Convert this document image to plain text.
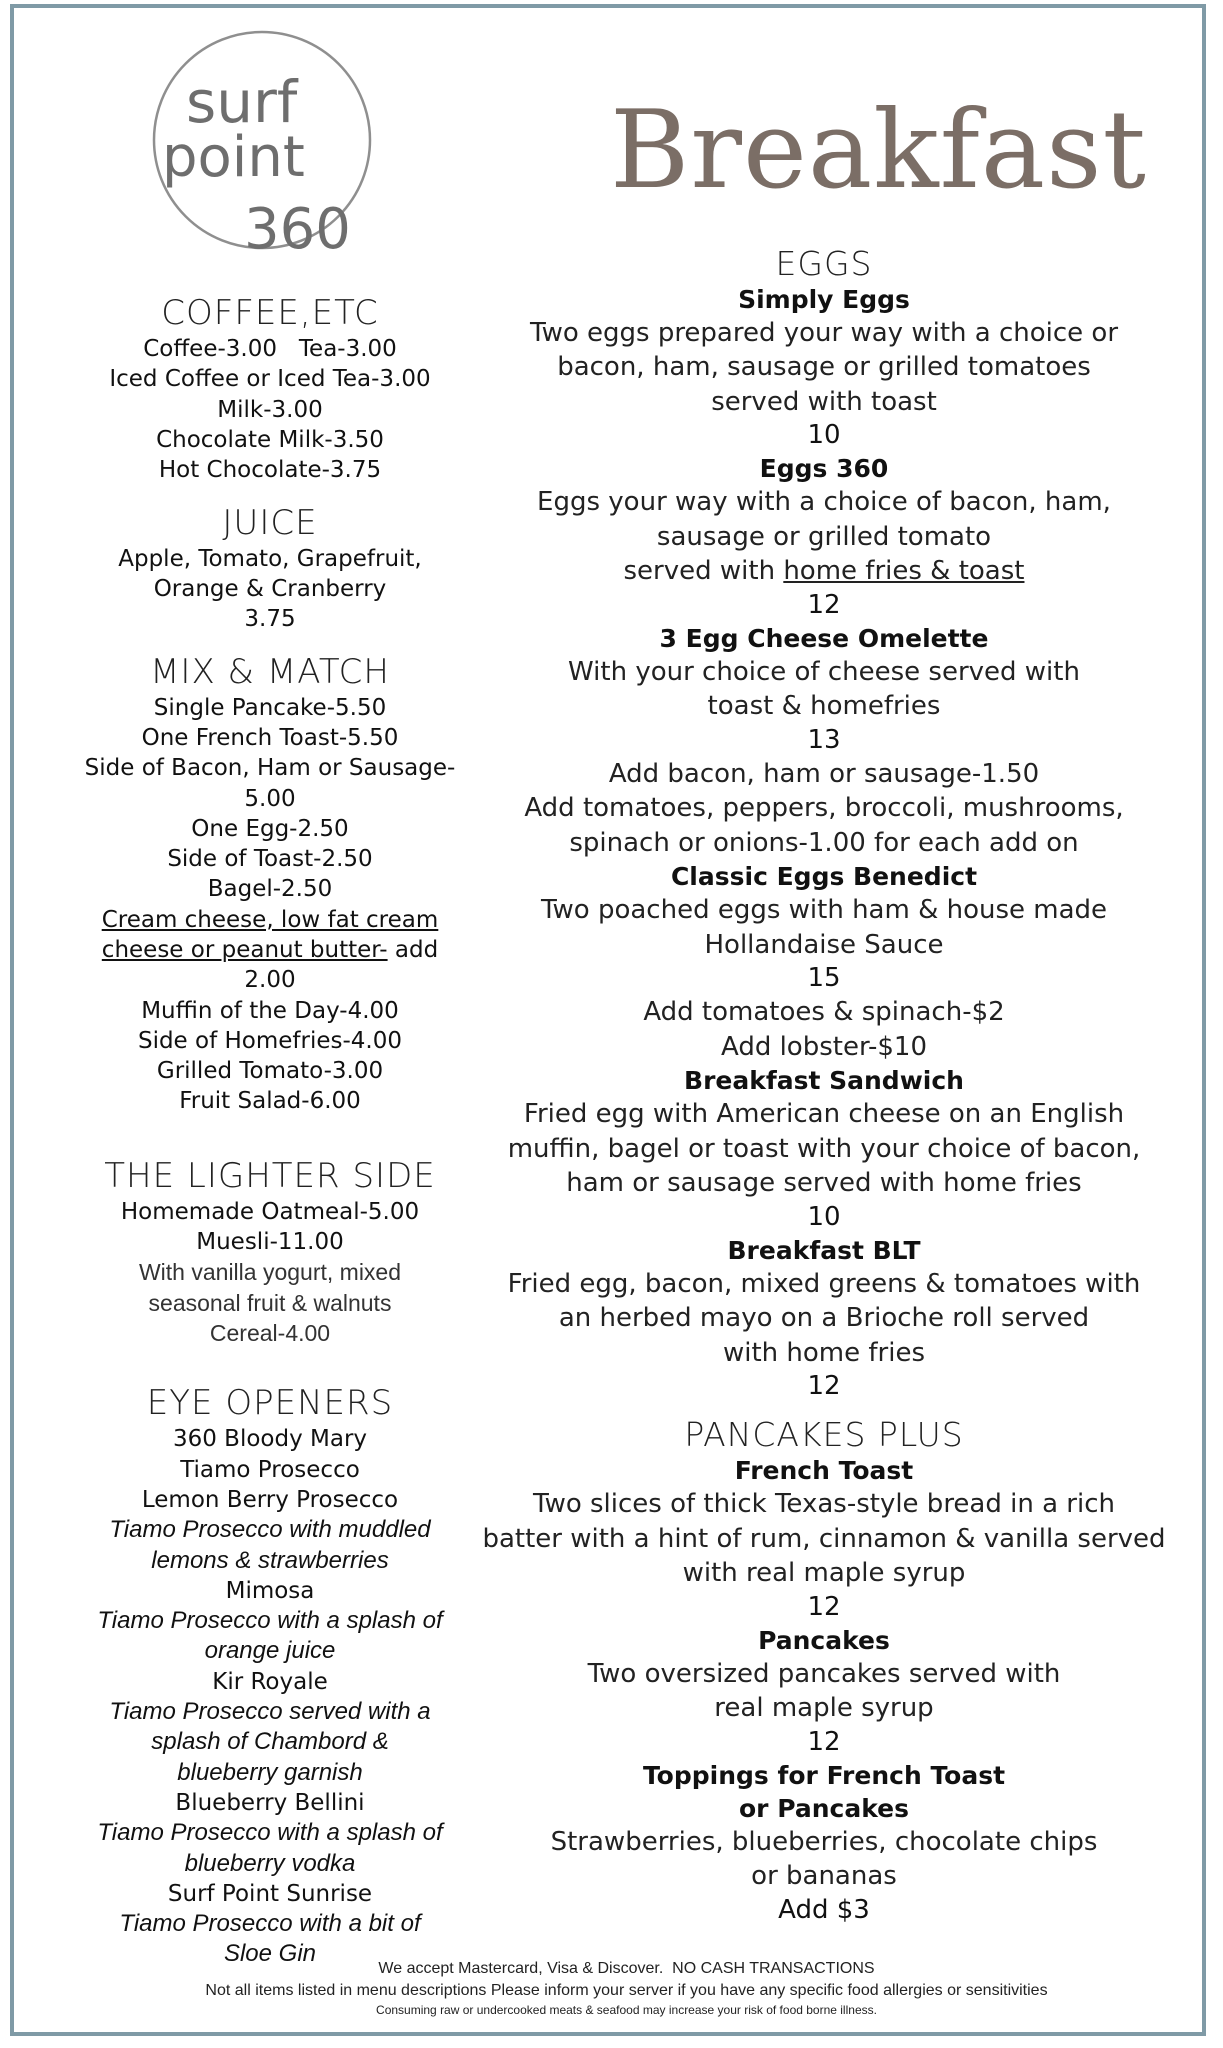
surf
point
360
Breakfast
COFFEE,ETC
Coffee-3.00   Tea-3.00
Iced Coffee or Iced Tea-3.00
Milk-3.00
Chocolate Milk-3.50
Hot Chocolate-3.75
JUICE
Apple, Tomato, Grapefruit,
Orange & Cranberry
3.75
MIX & MATCH
Single Pancake-5.50
One French Toast-5.50
Side of Bacon, Ham or Sausage-
5.00
One Egg-2.50
Side of Toast-2.50
Bagel-2.50
Cream cheese, low fat cream
cheese or peanut butter- add
2.00
Muffin of the Day-4.00
Side of Homefries-4.00
Grilled Tomato-3.00
Fruit Salad-6.00
THE LIGHTER SIDE
Homemade Oatmeal-5.00
Muesli-11.00
With vanilla yogurt, mixed
seasonal fruit & walnuts
Cereal-4.00
EYE OPENERS
360 Bloody Mary
Tiamo Prosecco
Lemon Berry Prosecco
Tiamo Prosecco with muddled
lemons & strawberries
Mimosa
Tiamo Prosecco with a splash of
orange juice
Kir Royale
Tiamo Prosecco served with a
splash of Chambord &
blueberry garnish
Blueberry Bellini
Tiamo Prosecco with a splash of
blueberry vodka
Surf Point Sunrise
Tiamo Prosecco with a bit of
Sloe Gin
EGGS
Simply Eggs
Two eggs prepared your way with a choice or
bacon, ham, sausage or grilled tomatoes
served with toast
10
Eggs 360
Eggs your way with a choice of bacon, ham,
sausage or grilled tomato
served with home fries & toast
12
3 Egg Cheese Omelette
With your choice of cheese served with
toast & homefries
13
Add bacon, ham or sausage-1.50
Add tomatoes, peppers, broccoli, mushrooms,
spinach or onions-1.00 for each add on
Classic Eggs Benedict
Two poached eggs with ham & house made
Hollandaise Sauce
15
Add tomatoes & spinach-$2
Add lobster-$10
Breakfast Sandwich
Fried egg with American cheese on an English
muffin, bagel or toast with your choice of bacon,
ham or sausage served with home fries
10
Breakfast BLT
Fried egg, bacon, mixed greens & tomatoes with
an herbed mayo on a Brioche roll served
with home fries
12
PANCAKES PLUS
French Toast
Two slices of thick Texas-style bread in a rich
batter with a hint of rum, cinnamon & vanilla served
with real maple syrup
12
Pancakes
Two oversized pancakes served with
real maple syrup
12
Toppings for French Toast
or Pancakes
Strawberries, blueberries, chocolate chips
or bananas
Add $3
We accept Mastercard, Visa & Discover.  NO CASH TRANSACTIONS
Not all items listed in menu descriptions Please inform your server if you have any specific food allergies or sensitivities
Consuming raw or undercooked meats & seafood may increase your risk of food borne illness.
